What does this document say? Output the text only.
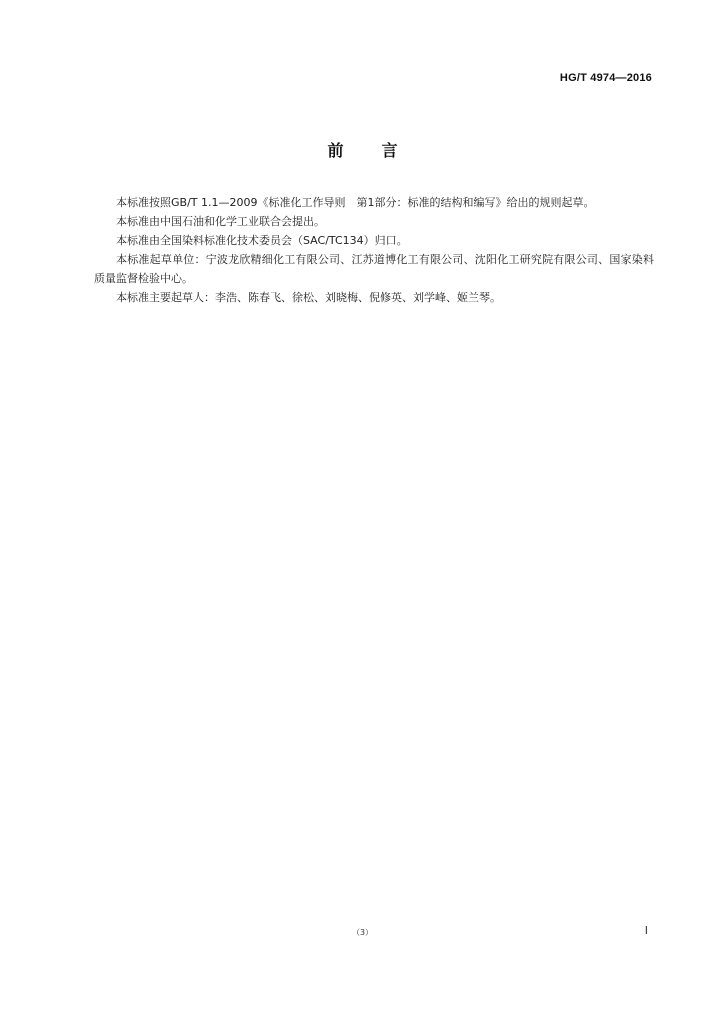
HG/T 4974—2016
前 言

本标准按照GB/T 1.1—2009《标准化工作导则　第1部分：标准的结构和编写》给出的规则起草。

本标准由中国石油和化学工业联合会提出。

本标准由全国染料标准化技术委员会（SAC/TC134）归口。

本标准起草单位：宁波龙欣精细化工有限公司、江苏道博化工有限公司、沈阳化工研究院有限公司、国家染料质量监督检验中心。

本标准主要起草人：李浩、陈春飞、徐松、刘晓梅、倪修英、刘学峰、姬兰琴。

（3）	I
